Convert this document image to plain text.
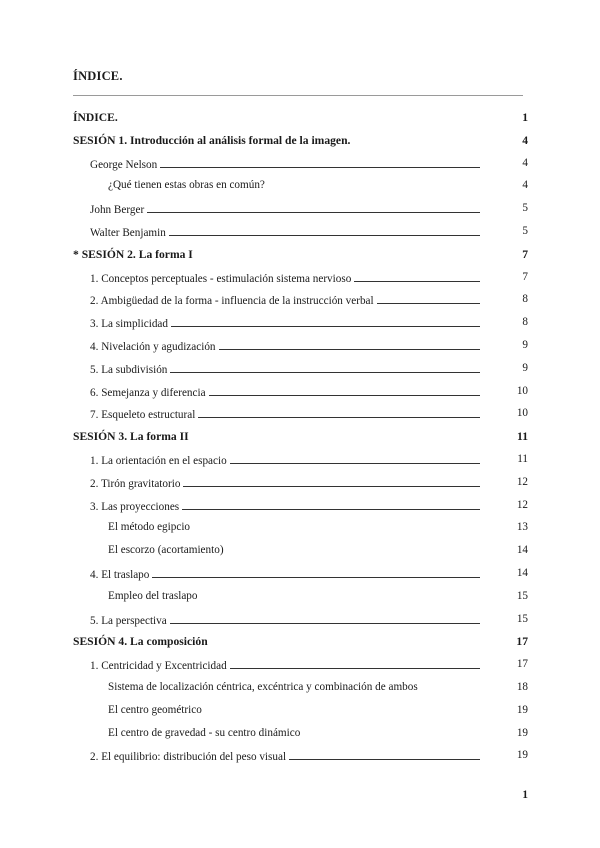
ÍNDICE.
ÍNDICE.	1
SESIÓN 1. Introducción al análisis formal de la imagen.	4
George Nelson	4
¿Qué tienen estas obras en común?	4
John Berger	5
Walter Benjamin	5
* SESIÓN 2. La forma I	7
1. Conceptos perceptuales - estimulación sistema nervioso	7
2. Ambigüedad de la forma - influencia de la instrucción verbal	8
3. La simplicidad	8
4. Nivelación y agudización	9
5. La subdivisión	9
6. Semejanza y diferencia	10
7. Esqueleto estructural	10
SESIÓN 3. La forma II	11
1. La orientación en el espacio	11
2. Tirón gravitatorio	12
3. Las proyecciones	12
El método egipcio	13
El escorzo (acortamiento)	14
4. El traslapo	14
Empleo del traslapo	15
5. La perspectiva	15
SESIÓN 4. La composición	17
1. Centricidad y Excentricidad	17
Sistema de localización céntrica, excéntrica y combinación de ambos	18
El centro geométrico	19
El centro de gravedad - su centro dinámico	19
2. El equilibrio: distribución del peso visual	19
1
